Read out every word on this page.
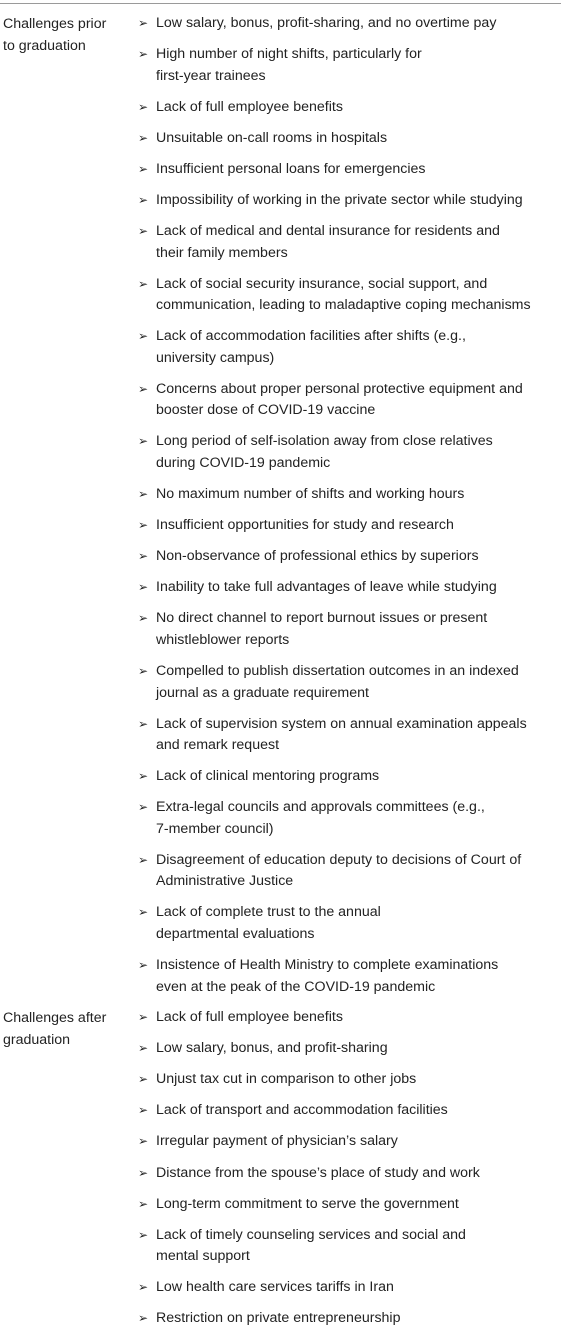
Challenges prior
to graduation
➢ Low salary, bonus, profit-sharing, and no overtime pay
➢ High number of night shifts, particularly for
first-year trainees
➢ Lack of full employee benefits
➢ Unsuitable on-call rooms in hospitals
➢ Insufficient personal loans for emergencies
➢ Impossibility of working in the private sector while studying
➢ Lack of medical and dental insurance for residents and
their family members
➢ Lack of social security insurance, social support, and
communication, leading to maladaptive coping mechanisms
➢ Lack of accommodation facilities after shifts (e.g.,
university campus)
➢ Concerns about proper personal protective equipment and
booster dose of COVID-19 vaccine
➢ Long period of self-isolation away from close relatives
during COVID-19 pandemic
➢ No maximum number of shifts and working hours
➢ Insufficient opportunities for study and research
➢ Non-observance of professional ethics by superiors
➢ Inability to take full advantages of leave while studying
➢ No direct channel to report burnout issues or present
whistleblower reports
➢ Compelled to publish dissertation outcomes in an indexed
journal as a graduate requirement
➢ Lack of supervision system on annual examination appeals
and remark request
➢ Lack of clinical mentoring programs
➢ Extra-legal councils and approvals committees (e.g.,
7-member council)
➢ Disagreement of education deputy to decisions of Court of
Administrative Justice
➢ Lack of complete trust to the annual
departmental evaluations
➢ Insistence of Health Ministry to complete examinations
even at the peak of the COVID-19 pandemic
Challenges after
graduation
➢ Lack of full employee benefits
➢ Low salary, bonus, and profit-sharing
➢ Unjust tax cut in comparison to other jobs
➢ Lack of transport and accommodation facilities
➢ Irregular payment of physician’s salary
➢ Distance from the spouse’s place of study and work
➢ Long-term commitment to serve the government
➢ Lack of timely counseling services and social and
mental support
➢ Low health care services tariffs in Iran
➢ Restriction on private entrepreneurship
